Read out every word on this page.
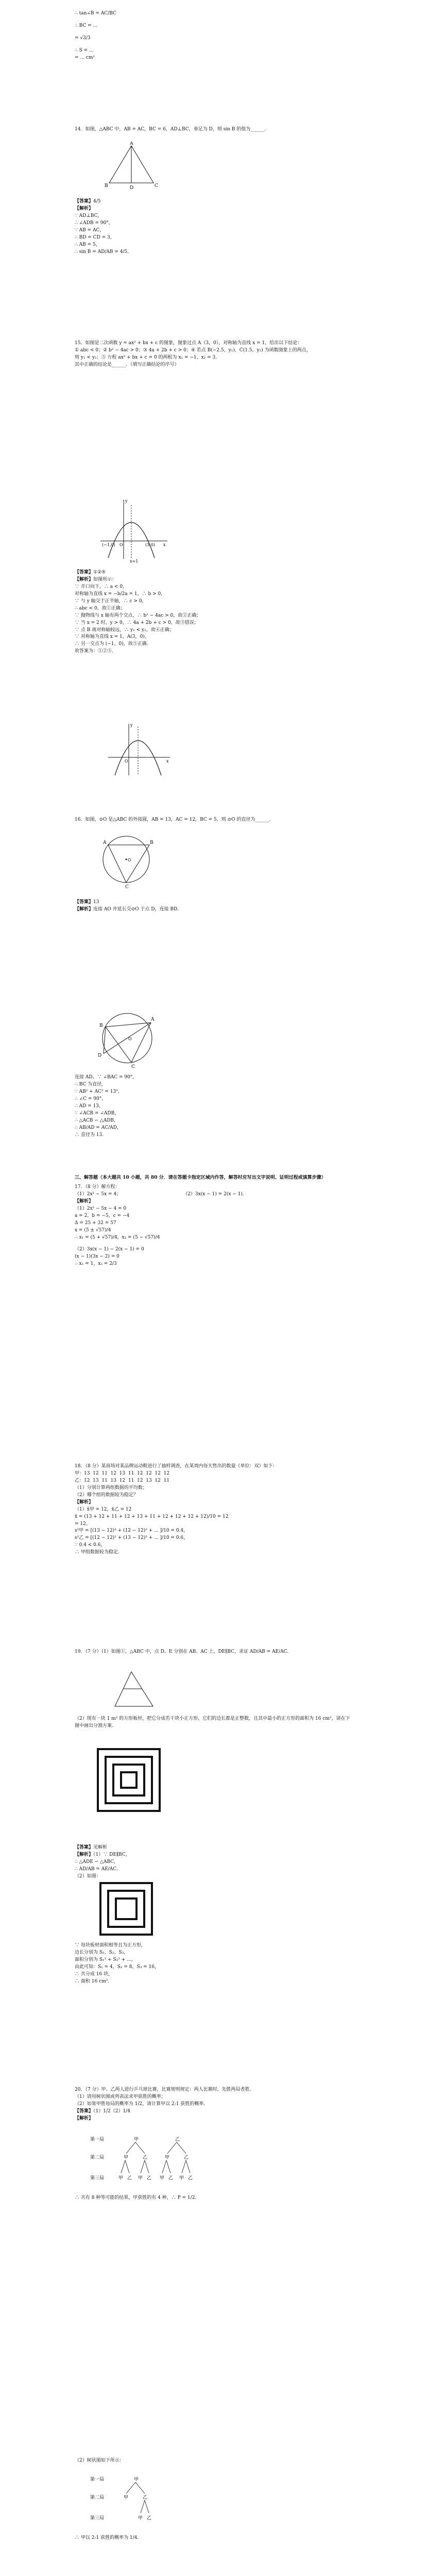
∴ tan∠B = AC/BC

∴ BC = ...

= √3/3

∴ S = ...

= ... cm²

14．如图，△ABC 中，AB = AC，BC = 6，AD⊥BC，垂足为 D，则 sin B 的值为______．

A
B	C
D

【答案】4/5

【解析】

∵ AD⊥BC，

∴ ∠ADB = 90°，

∵ AB = AC，

∴ BD = CD = 3，

∴ AB = 5，

∴ sin B = AD/AB = 4/5．

15．如图是二次函数 y = ax² + bx + c 的图象，图象过点 A（3，0），对称轴为直线 x = 1，给出以下结论：

① abc < 0；② b² − 4ac > 0；③ 4a + 2b + c > 0；④ 若点 B(−2.5，y₁)、C(1.5，y₂) 为函数图象上的两点，

则 y₁ < y₂；⑤ 方程 ax² + bx + c = 0 的两根为 x₁ = −1，x₂ = 3．

其中正确的结论是______．（填写正确结论的序号）

y
O	x
(3,0)
(−1,0)
x=1

【答案】①②⑤

【解析】如图所示：

∵ 开口向下，∴ a < 0，

对称轴为直线 x = −b/2a = 1，∴ b > 0，

∵ 与 y 轴交于正半轴，∴ c > 0，

∴ abc < 0，故①正确；

∵ 抛物线与 x 轴有两个交点，∴ b² − 4ac > 0，故②正确；

∵ 当 x = 2 时，y > 0，∴ 4a + 2b + c > 0，故③错误；

∵ 点 B 离对称轴较远，∴ y₁ < y₂，故④正确；

∵ 对称轴为直线 x = 1，A(3，0)，

∴ 另一交点为 (−1，0)，故⑤正确．

故答案为：①②⑤．

y
O	x

16．如图，⊙O 是△ABC 的外接圆，AB = 13，AC = 12，BC = 5，则 ⊙O 的直径为______．

A	B
C
O

【答案】13

【解析】连接 AO 并延长交⊙O 于点 D，连接 BD．

A
B
C
O
D

连接 AD，∵ ∠BAC = 90°，

∴ BC 为直径，

∵ AB² + AC² = 13²，

∴ ∠C = 90°，

∴ AD = 13，

∵ ∠ACB = ∠ADB，

∴ △ACB ∽ △ADB，

∴ AB/AD = AC/AD，

∴ 直径为 13．

三、解答题（本大题共 10 小题，共 80 分．请在答题卡指定区域内作答，解答时应写出文字说明、证明过程或演算步骤）

17．（8 分）解方程：

（1）2x² − 5x = 4；	（2）3x(x − 1) = 2(x − 1)．

【解析】

（1）2x² − 5x − 4 = 0

a = 2，b = −5，c = −4

Δ = 25 + 32 = 57

x = (5 ± √57)/4

∴ x₁ = (5 + √57)/4，x₂ = (5 − √57)/4

（2）3x(x − 1) − 2(x − 1) = 0

(x − 1)(3x − 2) = 0

∴ x₁ = 1，x₂ = 2/3

18．（8 分）某商场对某品牌运动鞋进行了抽样调查，在某周内每天售出的数量（单位：双）如下：

甲：13  12  11  12  13  11  12  12  12  12

乙：12  13  11  13  12  11  12  13  12  11

（1）分别计算两组数据的平均数；

（2）哪个组的数据较为稳定？

【解析】

（1）x̄甲 = 12，x̄乙 = 12

x̄ = (13 + 12 + 11 + 12 + 13 + 11 + 12 + 12 + 12 + 12)/10 = 12

= 12，

s²甲 = [(13 − 12)² + (12 − 12)² + ... ]/10 = 0.4，

s²乙 = [(12 − 12)² + (13 − 12)² + ... ]/10 = 0.6，

∵ 0.4 < 0.6，

∴ 甲组数据较为稳定．

19．（7 分）（1）如图①，△ABC 中，点 D、E 分别在 AB、AC 上，DE∥BC，求证 AD/AB = AE/AC．

（2）现有一块 1 m² 的方形板材，把它分成若干块小正方形，它们的边长都是正整数，且其中最小的正方形的面积为 16 cm²，请在下图中画出分割方案．

【答案】见解析

【解析】（1）∵ DE∥BC，

∴ △ADE ∽ △ABC，

∴ AD/AB = AE/AC．

（2）如图：

∵ 每块板材面积相等且为正方形，

边长分别为 S₁、S₂、S₃，

面积分别为 S₁² + S₂² + ...，

由此可知：S₁ = 4，S₂ = 8，S₃ = 16，

∴ 共分成 16 块，

∴ 面积 16 cm²．

20．（7 分）甲、乙两人进行乒乓球比赛，比赛规则规定：两人比赛时，先胜两局者胜．

（1）请用树状图或列表法求甲获胜的概率；

（2）如果甲胜每局的概率为 1/2，请计算甲以 2:1 获胜的概率．

【答案】（1）1/2（2）1/4

【解析】

第一局
第二局
第三局
甲	乙
甲	乙	甲	乙
甲 乙 甲 乙 甲 乙 甲 乙

∴ 共有 8 种等可能的结果，甲获胜的有 4 种，∴ P = 1/2．

（2）树状图如下所示：

第一局
第二局
第三局
甲
甲	乙
甲 乙

∴ 甲以 2:1 获胜的概率为 1/4．
